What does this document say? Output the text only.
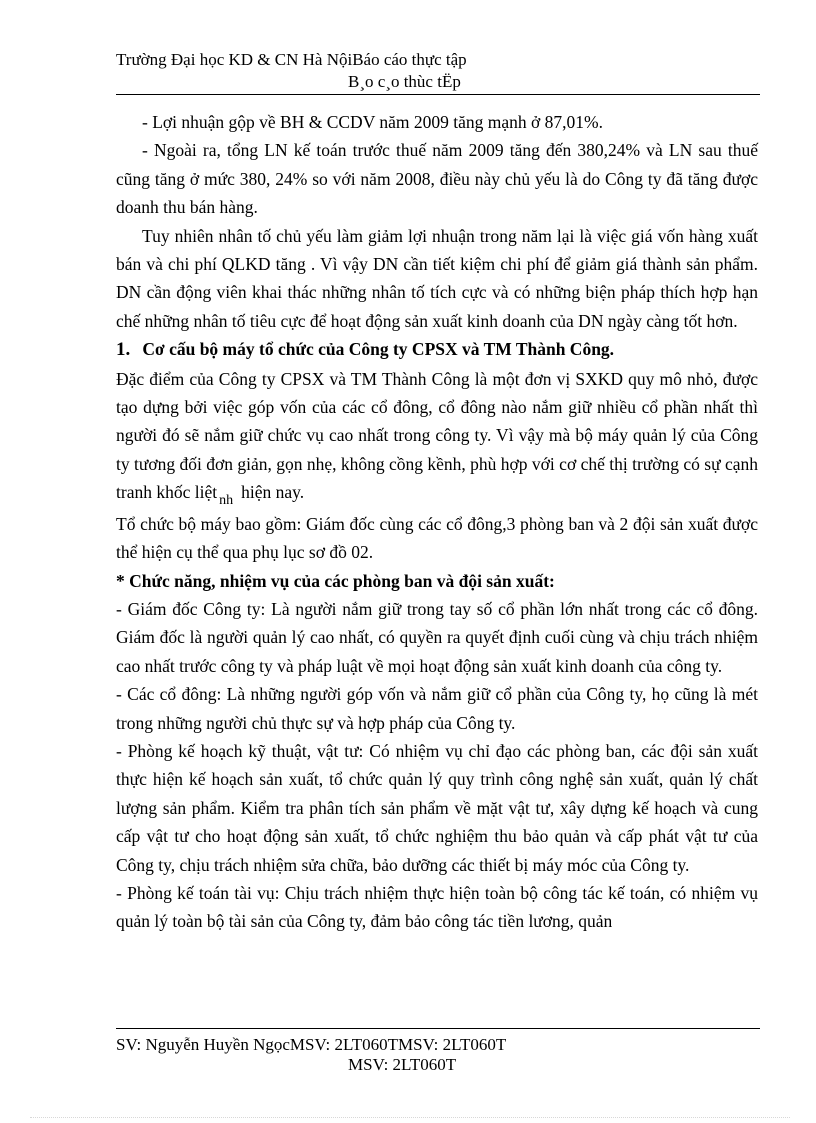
Trường Đại học KD & CN Hà NộiBáo cáo thực tập
B¸o c¸o thùc tËp

- Lợi nhuận gộp về BH & CCDV năm 2009 tăng mạnh ở 87,01%.

- Ngoài ra, tổng LN kế toán trước thuế năm 2009 tăng đến 380,24% và LN sau thuế cũng tăng ở mức 380, 24% so với năm 2008, điều này chủ yếu là do Công ty đã tăng được doanh thu bán hàng.

Tuy nhiên nhân tố chủ yếu làm giảm lợi nhuận trong năm lại là việc giá vốn hàng xuất bán và chi phí QLKD tăng . Vì vậy DN cần tiết kiệm chi phí để giảm giá thành sản phẩm. DN cần động viên khai thác những nhân tố tích cực và có những biện pháp thích hợp hạn chế những nhân tố tiêu cực để hoạt động sản xuất kinh doanh của DN ngày càng tốt hơn.

1. Cơ cấu bộ máy tổ chức của Công ty CPSX và TM Thành Công.

Đặc điểm của Công ty CPSX và TM Thành Công là một đơn vị SXKD quy mô nhỏ, được tạo dựng bởi việc góp vốn của các cổ đông, cổ đông nào nắm giữ nhiều cổ phần nhất thì người đó sẽ nắm giữ chức vụ cao nhất trong công ty. Vì vậy mà bộ máy quản lý của Công ty tương đối đơn giản, gọn nhẹ, không cồng kềnh, phù hợp với cơ chế thị trường có sự cạnh tranh khốc liệt $_{nh}$ hiện nay.

Tổ chức bộ máy bao gồm: Giám đốc cùng các cổ đông,3 phòng ban và 2 đội sản xuất được thể hiện cụ thể qua phụ lục sơ đồ 02.

* Chức năng, nhiệm vụ của các phòng ban và đội sản xuất:

- Giám đốc Công ty: Là người nắm giữ trong tay số cổ phần lớn nhất trong các cổ đông. Giám đốc là người quản lý cao nhất, có quyền ra quyết định cuối cùng và chịu trách nhiệm cao nhất trước công ty và pháp luật về mọi hoạt động sản xuất kinh doanh của công ty.

- Các cổ đông: Là những người góp vốn và nắm giữ cổ phần của Công ty, họ cũng là mét trong những người chủ thực sự và hợp pháp của Công ty.

- Phòng kế hoạch kỹ thuật, vật tư: Có nhiệm vụ chỉ đạo các phòng ban, các đội sản xuất thực hiện kế hoạch sản xuất, tổ chức quản lý quy trình công nghệ sản xuất, quản lý chất lượng sản phẩm. Kiểm tra phân tích sản phẩm về mặt vật tư, xây dựng kế hoạch và cung cấp vật tư cho hoạt động sản xuất, tổ chức nghiệm thu bảo quản và cấp phát vật tư của Công ty, chịu trách nhiệm sửa chữa, bảo dưỡng các thiết bị máy móc của Công ty.

- Phòng kế toán tài vụ: Chịu trách nhiệm thực hiện toàn bộ công tác kế toán, có nhiệm vụ quản lý toàn bộ tài sản của Công ty, đảm bảo công tác tiền lương, quản

SV: Nguyễn Huyền NgọcMSV: 2LT060TMSV: 2LT060T
MSV: 2LT060T
